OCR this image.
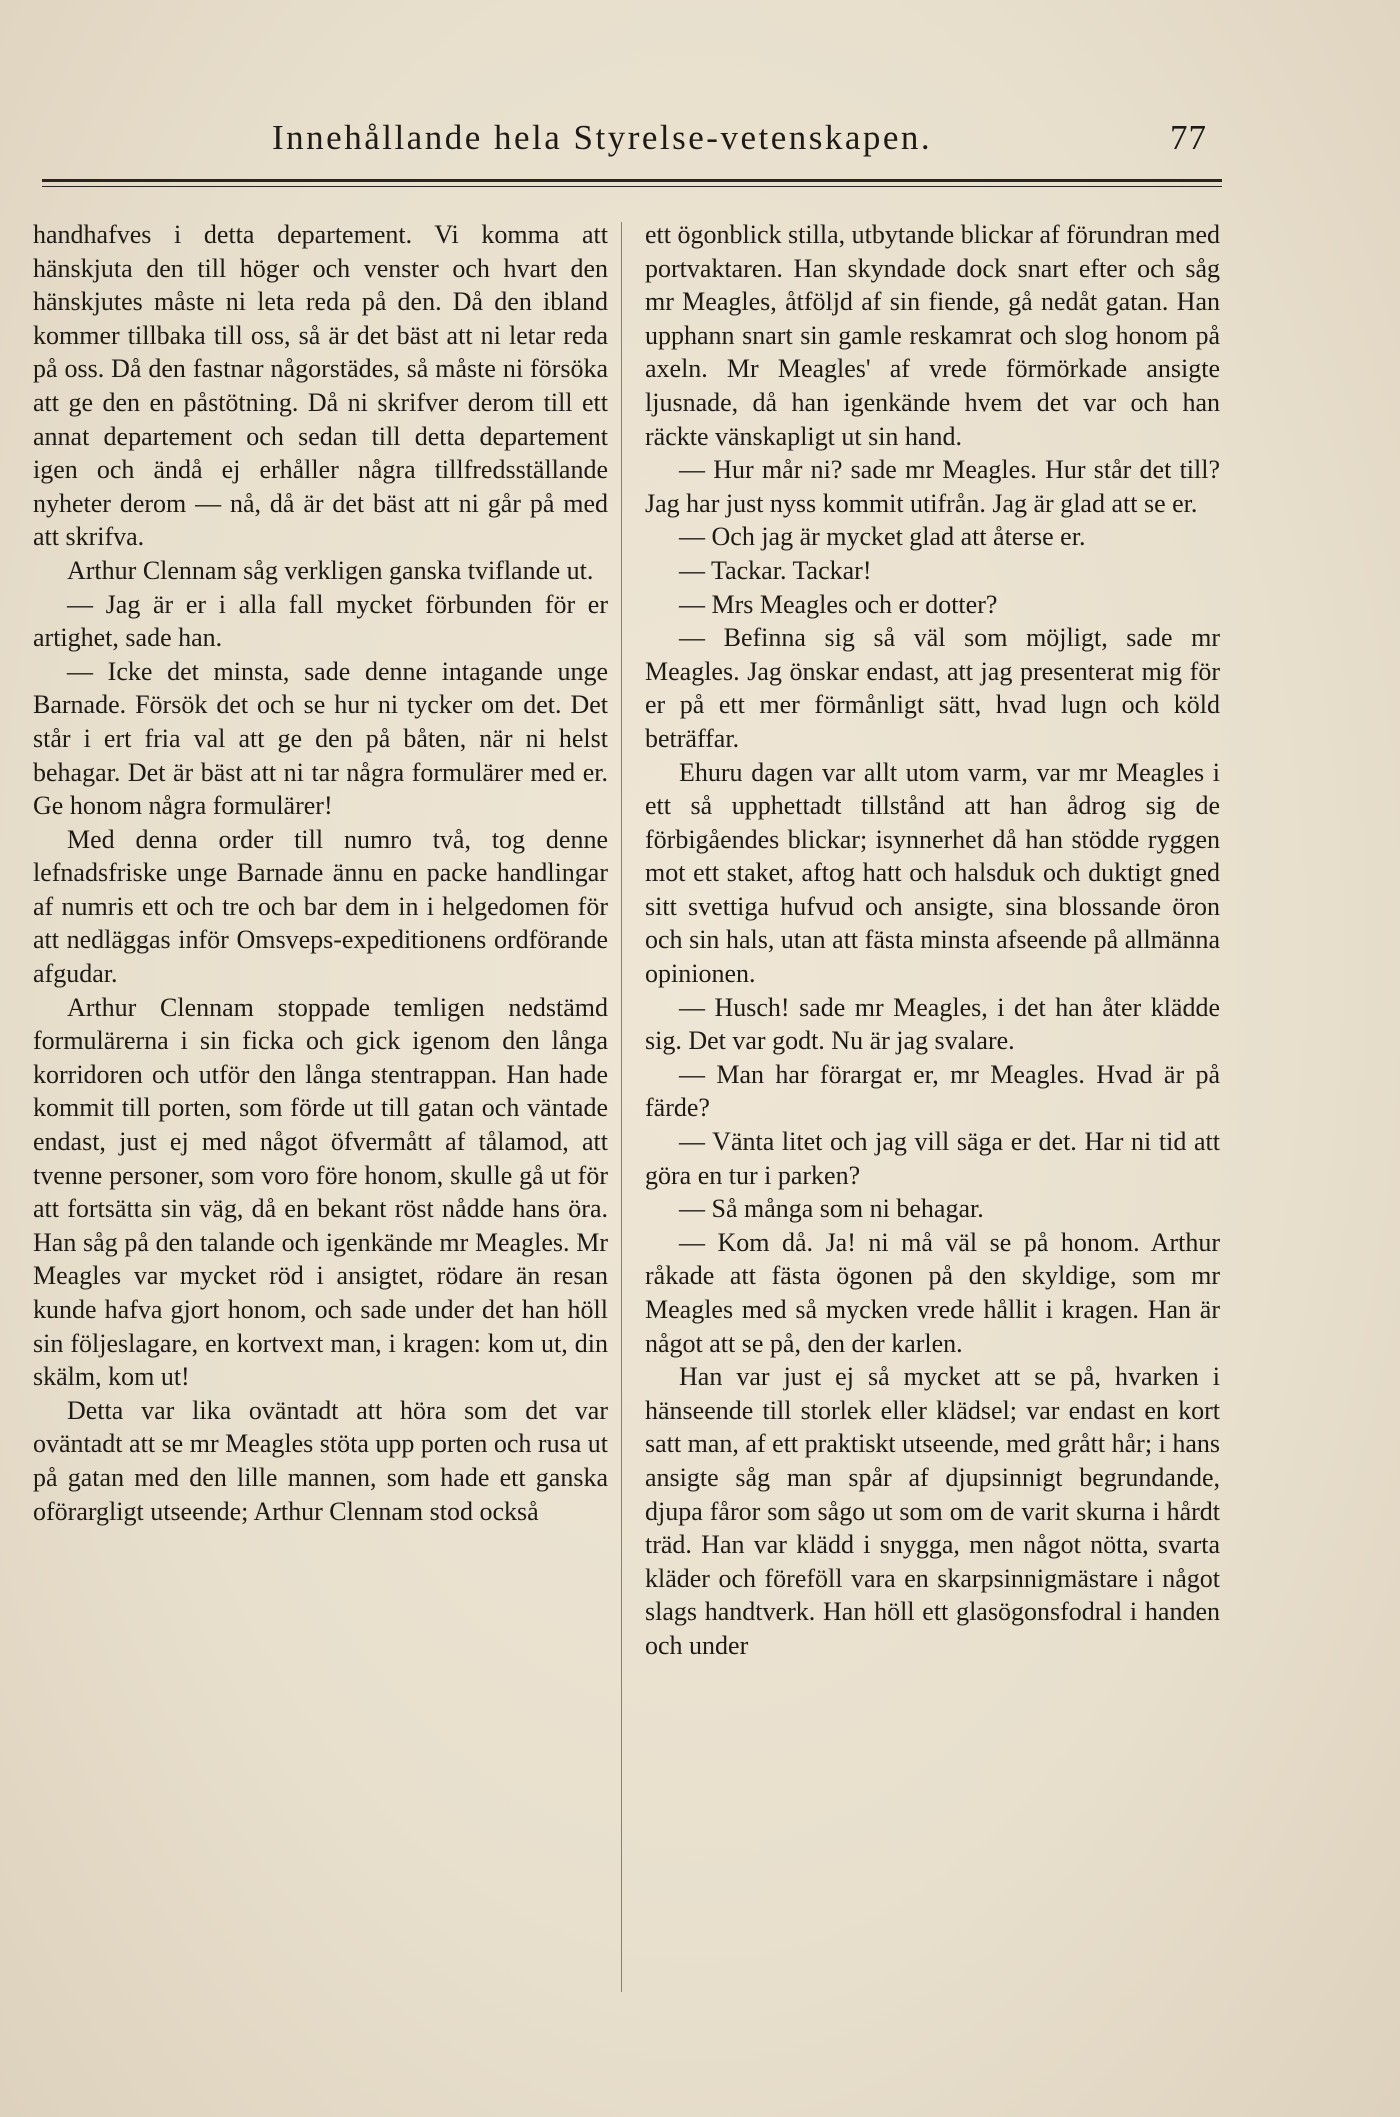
Innehållande hela Styrelse-vetenskapen.	77

handhafves i detta departement. Vi komma att hänskjuta den till höger och venster och hvart den hänskjutes måste ni leta reda på den. Då den ibland kommer tillbaka till oss, så är det bäst att ni letar reda på oss. Då den fastnar någorstädes, så måste ni försöka att ge den en påstötning. Då ni skrifver derom till ett annat departement och sedan till detta departement igen och ändå ej erhåller några tillfredsställande nyheter derom — nå, då är det bäst att ni går på med att skrifva.

Arthur Clennam såg verkligen ganska tviflande ut.

— Jag är er i alla fall mycket förbunden för er artighet, sade han.

— Icke det minsta, sade denne intagande unge Barnade. Försök det och se hur ni tycker om det. Det står i ert fria val att ge den på båten, när ni helst behagar. Det är bäst att ni tar några formulärer med er. Ge honom några formulärer!

Med denna order till numro två, tog denne lefnadsfriske unge Barnade ännu en packe handlingar af numris ett och tre och bar dem in i helgedomen för att nedläggas inför Omsveps-expeditionens ordförande afgudar.

Arthur Clennam stoppade temligen nedstämd formulärerna i sin ficka och gick igenom den långa korridoren och utför den långa stentrappan. Han hade kommit till porten, som förde ut till gatan och väntade endast, just ej med något öfvermått af tålamod, att tvenne personer, som voro före honom, skulle gå ut för att fortsätta sin väg, då en bekant röst nådde hans öra. Han såg på den talande och igenkände mr Meagles. Mr Meagles var mycket röd i ansigtet, rödare än resan kunde hafva gjort honom, och sade under det han höll sin följeslagare, en kortvext man, i kragen: kom ut, din skälm, kom ut!

Detta var lika oväntadt att höra som det var oväntadt att se mr Meagles stöta upp porten och rusa ut på gatan med den lille mannen, som hade ett ganska oförargligt utseende; Arthur Clennam stod också

ett ögonblick stilla, utbytande blickar af förundran med portvaktaren. Han skyndade dock snart efter och såg mr Meagles, åtföljd af sin fiende, gå nedåt gatan. Han upphann snart sin gamle reskamrat och slog honom på axeln. Mr Meagles' af vrede förmörkade ansigte ljusnade, då han igenkände hvem det var och han räckte vänskapligt ut sin hand.

— Hur mår ni? sade mr Meagles. Hur står det till? Jag har just nyss kommit utifrån. Jag är glad att se er.

— Och jag är mycket glad att återse er.

— Tackar. Tackar!

— Mrs Meagles och er dotter?

— Befinna sig så väl som möjligt, sade mr Meagles. Jag önskar endast, att jag presenterat mig för er på ett mer förmånligt sätt, hvad lugn och köld beträffar.

Ehuru dagen var allt utom varm, var mr Meagles i ett så upphettadt tillstånd att han ådrog sig de förbigåendes blickar; isynnerhet då han stödde ryggen mot ett staket, aftog hatt och halsduk och duktigt gned sitt svettiga hufvud och ansigte, sina blossande öron och sin hals, utan att fästa minsta afseende på allmänna opinionen.

— Husch! sade mr Meagles, i det han åter klädde sig. Det var godt. Nu är jag svalare.

— Man har förargat er, mr Meagles. Hvad är på färde?

— Vänta litet och jag vill säga er det. Har ni tid att göra en tur i parken?

— Så många som ni behagar.

— Kom då. Ja! ni må väl se på honom. Arthur råkade att fästa ögonen på den skyldige, som mr Meagles med så mycken vrede hållit i kragen. Han är något att se på, den der karlen.

Han var just ej så mycket att se på, hvarken i hänseende till storlek eller klädsel; var endast en kort satt man, af ett praktiskt utseende, med grått hår; i hans ansigte såg man spår af djupsinnigt begrundande, djupa fåror som sågo ut som om de varit skurna i hårdt träd. Han var klädd i snygga, men något nötta, svarta kläder och föreföll vara en skarpsinnigmästare i något slags handtverk. Han höll ett glasögonsfodral i handen och under
